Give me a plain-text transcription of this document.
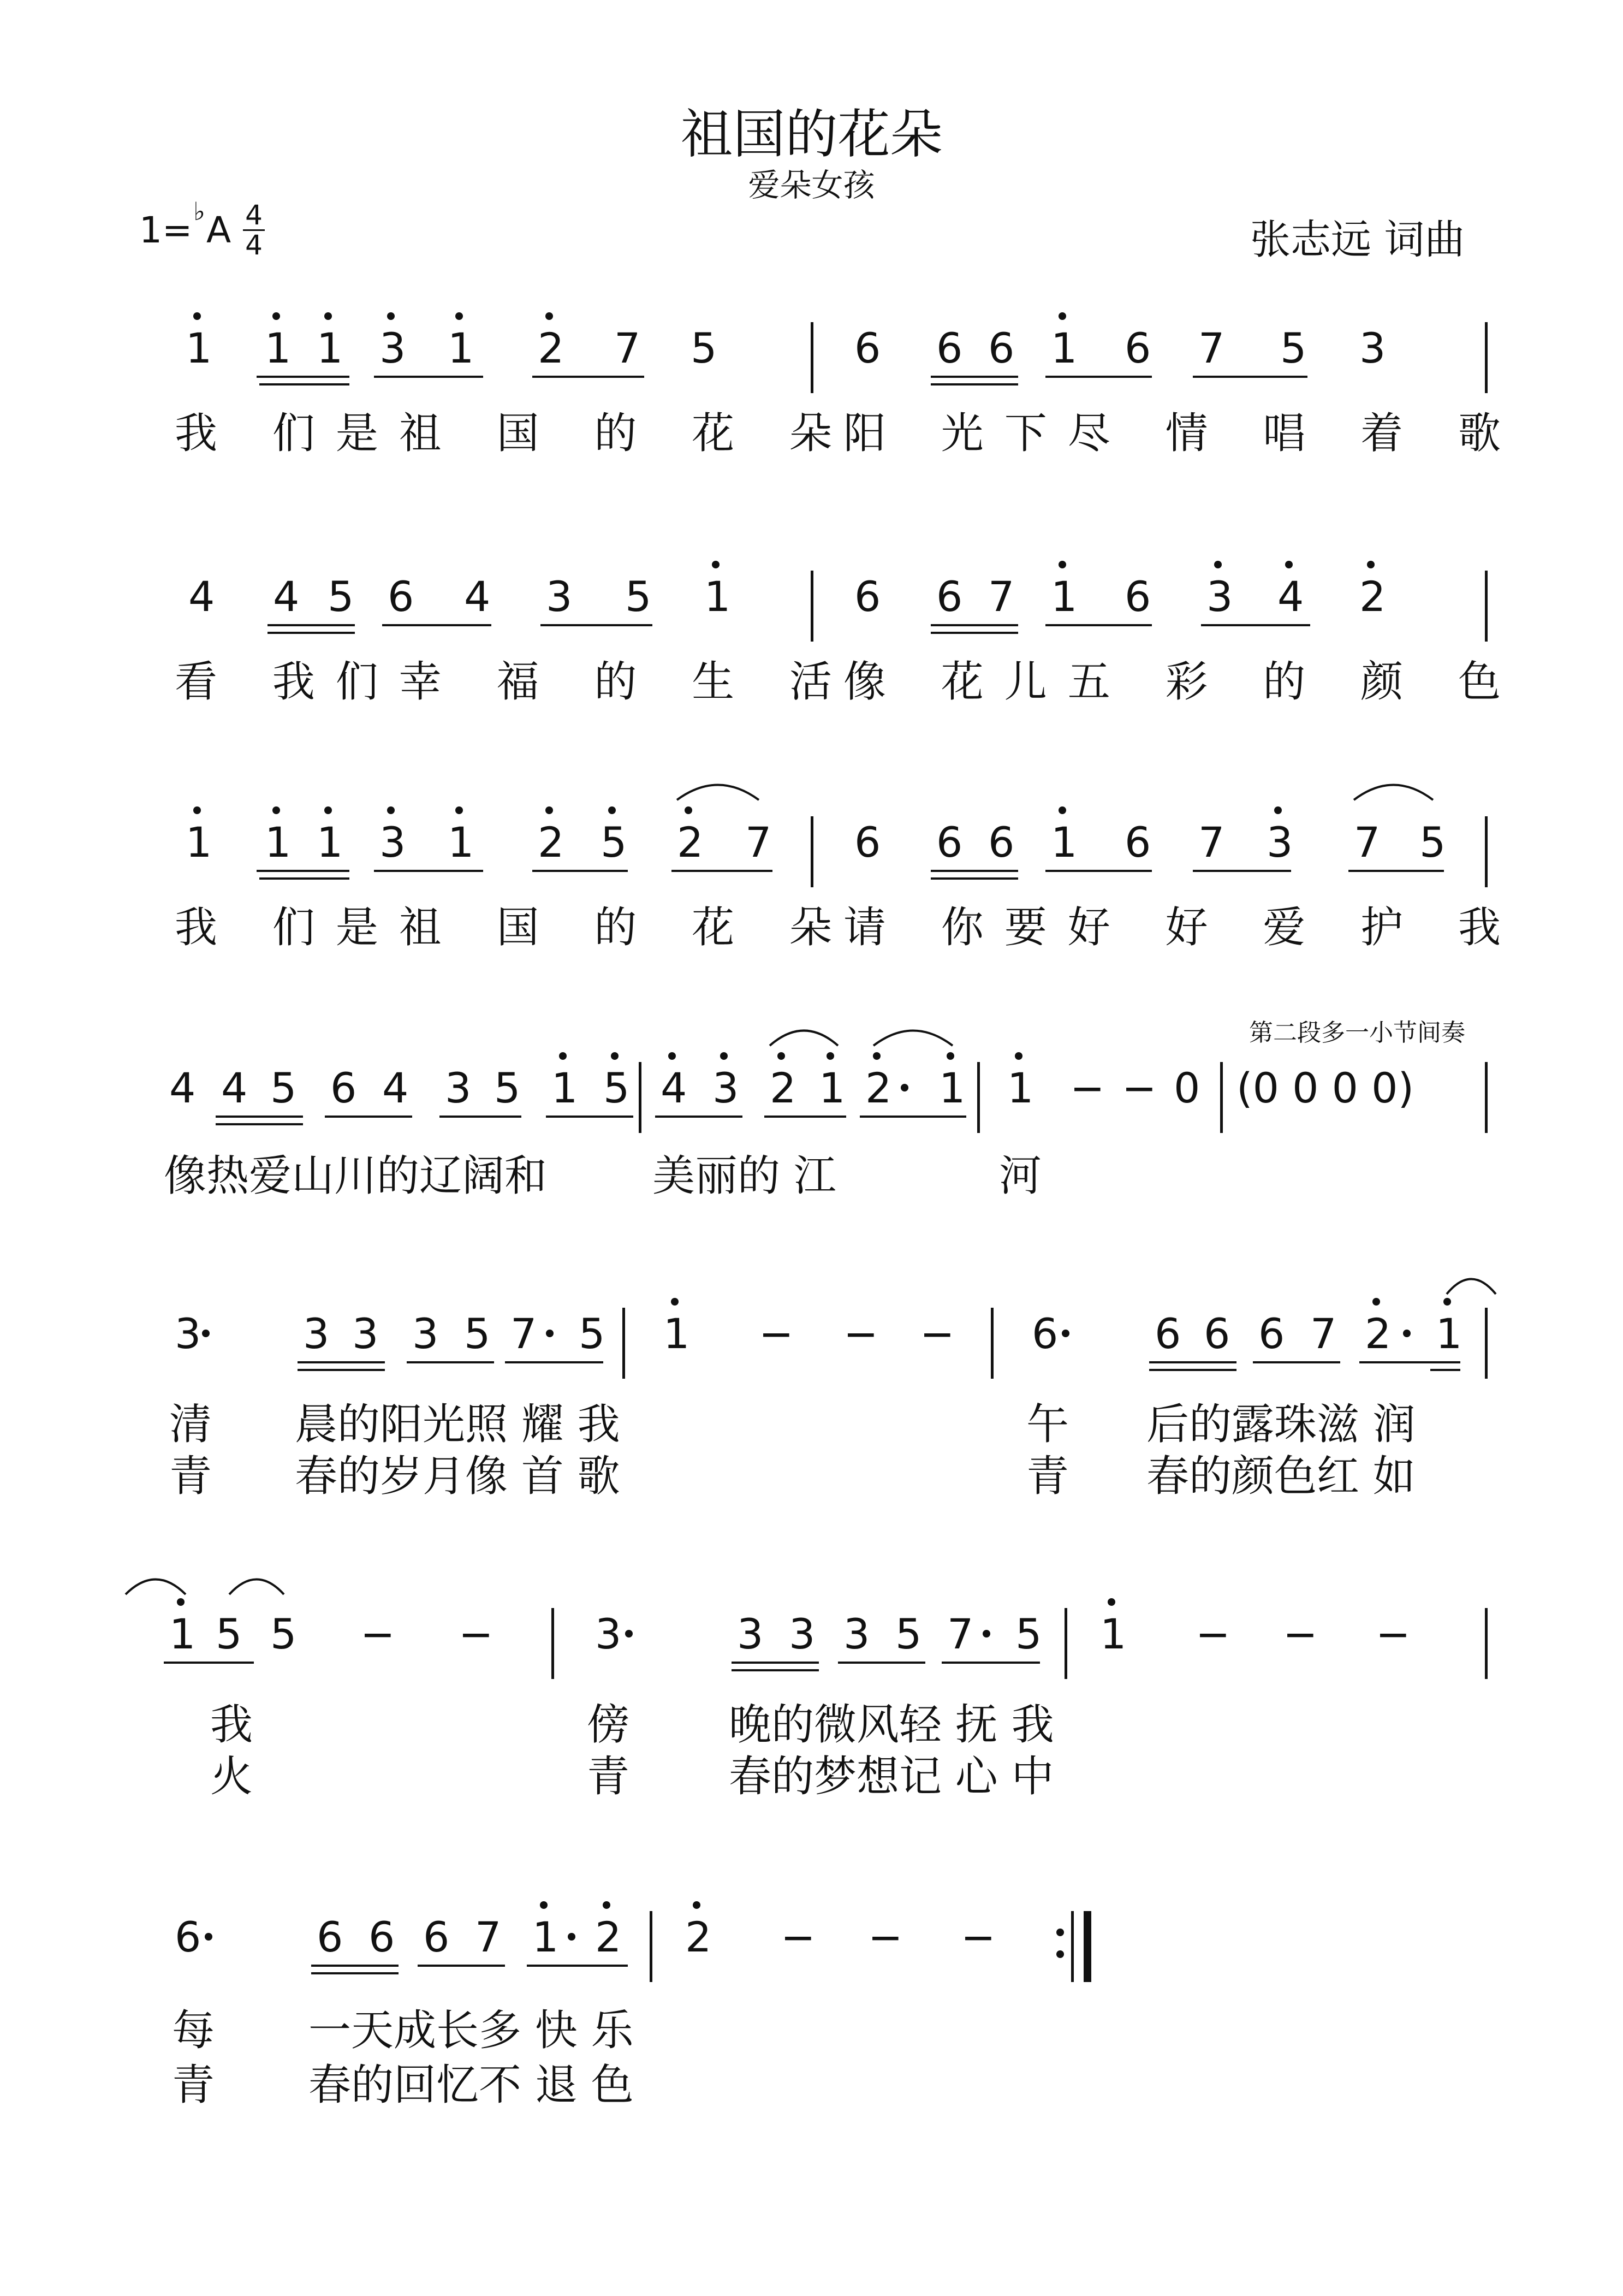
祖国的花朵
爱朵女孩
1=♭A 4
4	张志远 词曲
第二段多一小节间奏
1 1 1 3 1 2 7 5	6 6 6 1 6 7 5 3
我 们是祖 国 的 花 朵
阳 光下尽 情 唱 着 歌
4 4 5 6 4 3 5 1	6 6 7 1 6 3 4 2
看 我们幸 福 的 生 活
像 花儿五 彩 的 颜 色
1 1 1 3 1 2 5 2 7 6 6 6 1 6 7 3 7 5
我 们是祖 国 的 花 朵
请 你要好 好 爱 护 我
4 4 5 6 4 3 5 1 5 4 3 2 1 2 1 1 − − 0 (0 0 0 0)
像热爱山川的辽阔和 美丽的 江	河
3 3 3 3 5 7 5 1 − − − 6 6 6 6 7 2 1
清 晨的阳光照 耀 我	午 后的露珠滋 润
青 春的岁月像 首 歌	青 春的颜色红 如
1 5 5 − − 3	3 3 3 5 7 5 1 − − −
我	傍 晚的微风轻 抚 我
火	青 春的梦想记 心 中
6	6 6 6 7 1 2 2 − − −
每 一天成长多 快 乐
青 春的回忆不 退 色
